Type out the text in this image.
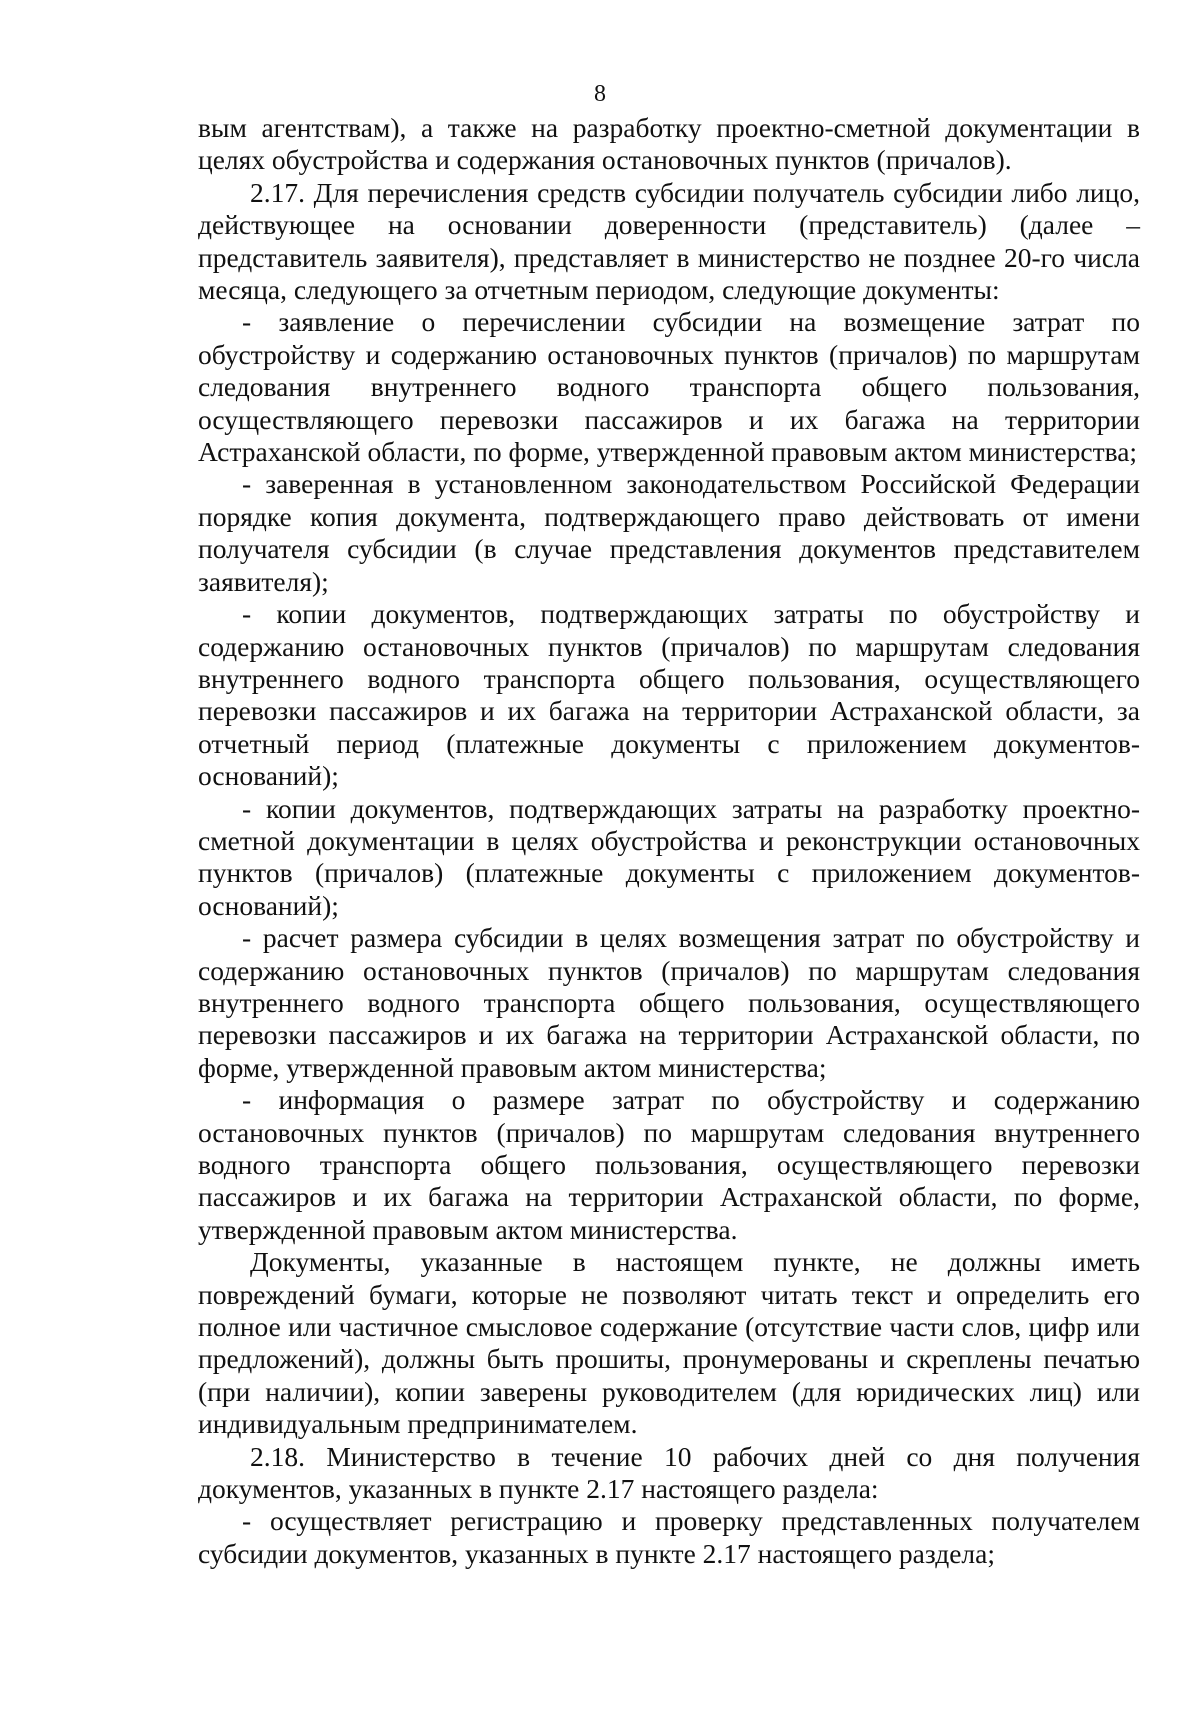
8

вым агентствам), а также на разработку проектно-сметной документации в целях обустройства и содержания остановочных пунктов (причалов).

2.17. Для перечисления средств субсидии получатель субсидии либо лицо, действующее на основании доверенности (представитель) (далее – представитель заявителя), представляет в министерство не позднее 20-го числа месяца, следующего за отчетным периодом, следующие документы:

- заявление о перечислении субсидии на возмещение затрат по обустройству и содержанию остановочных пунктов (причалов) по маршрутам следования внутреннего водного транспорта общего пользования, осуществляющего перевозки пассажиров и их багажа на территории Астраханской области, по форме, утвержденной правовым актом министерства;

- заверенная в установленном законодательством Российской Федерации порядке копия документа, подтверждающего право действовать от имени получателя субсидии (в случае представления документов представителем заявителя);

- копии документов, подтверждающих затраты по обустройству и содержанию остановочных пунктов (причалов) по маршрутам следования внутреннего водного транспорта общего пользования, осуществляющего перевозки пассажиров и их багажа на территории Астраханской области, за отчетный период (платежные документы с приложением документов-оснований);

- копии документов, подтверждающих затраты на разработку проектно-сметной документации в целях обустройства и реконструкции остановочных пунктов (причалов) (платежные документы с приложением документов-оснований);

- расчет размера субсидии в целях возмещения затрат по обустройству и содержанию остановочных пунктов (причалов) по маршрутам следования внутреннего водного транспорта общего пользования, осуществляющего перевозки пассажиров и их багажа на территории Астраханской области, по форме, утвержденной правовым актом министерства;

- информация о размере затрат по обустройству и содержанию остановочных пунктов (причалов) по маршрутам следования внутреннего водного транспорта общего пользования, осуществляющего перевозки пассажиров и их багажа на территории Астраханской области, по форме, утвержденной правовым актом министерства.

Документы, указанные в настоящем пункте, не должны иметь повреждений бумаги, которые не позволяют читать текст и определить его полное или частичное смысловое содержание (отсутствие части слов, цифр или предложений), должны быть прошиты, пронумерованы и скреплены печатью (при наличии), копии заверены руководителем (для юридических лиц) или индивидуальным предпринимателем.

2.18. Министерство в течение 10 рабочих дней со дня получения документов, указанных в пункте 2.17 настоящего раздела:

- осуществляет регистрацию и проверку представленных получателем субсидии документов, указанных в пункте 2.17 настоящего раздела;
